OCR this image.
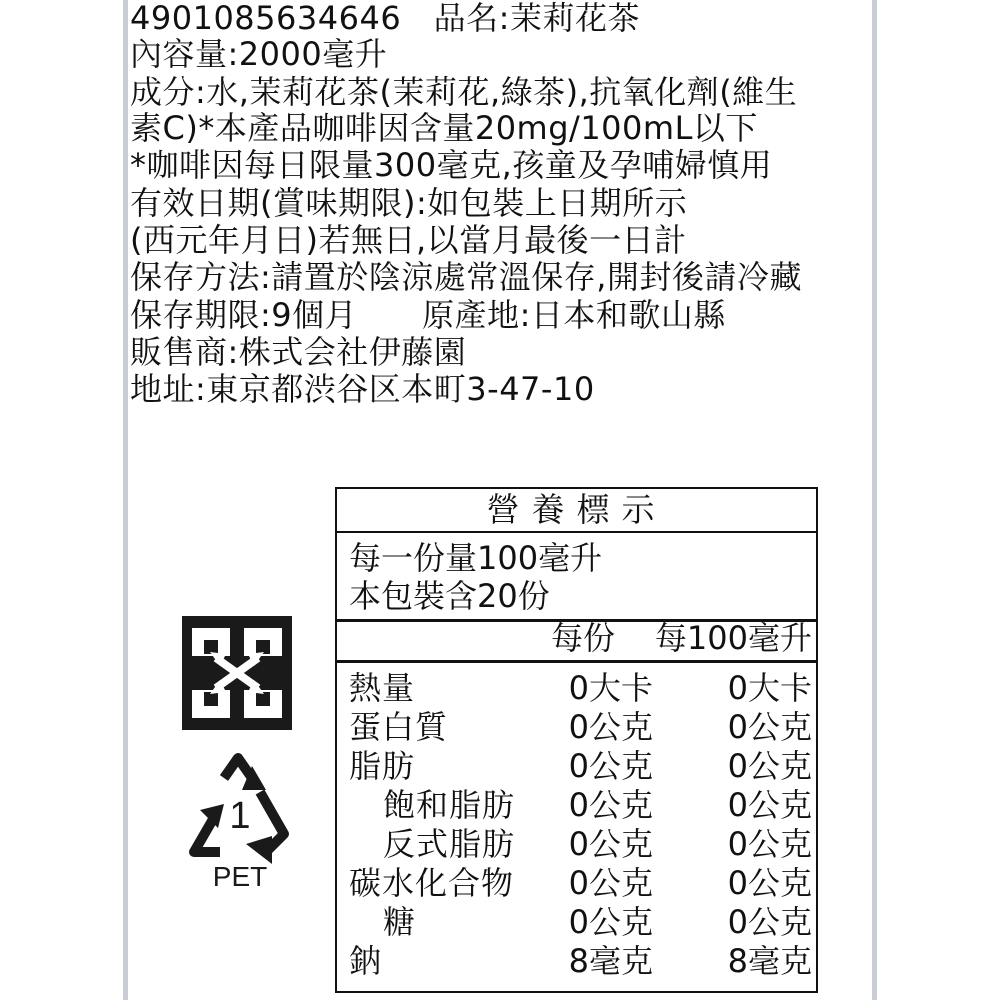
4901085634646　品名:茉莉花茶
內容量:2000毫升
成分:水,茉莉花茶(茉莉花,綠茶),抗氧化劑(維生
素C)*本產品咖啡因含量20mg/100mL以下
*咖啡因每日限量300毫克,孩童及孕哺婦慎用
有效日期(賞味期限):如包裝上日期所示
(西元年月日)若無日,以當月最後一日計
保存方法:請置於陰涼處常溫保存,開封後請冷藏
保存期限:9個月　　原產地:日本和歌山縣
販售商:株式会社伊藤園
地址:東京都渋谷区本町3-47-10
1
PET
營養標示
每一份量100毫升
本包裝含20份
每份 每100毫升
熱量	0大卡 0大卡
蛋白質	0公克 0公克
脂肪	0公克 0公克
飽和脂肪 0公克 0公克
反式脂肪 0公克 0公克
碳水化合物 0公克 0公克
糖	0公克 0公克
鈉	8毫克 8毫克
